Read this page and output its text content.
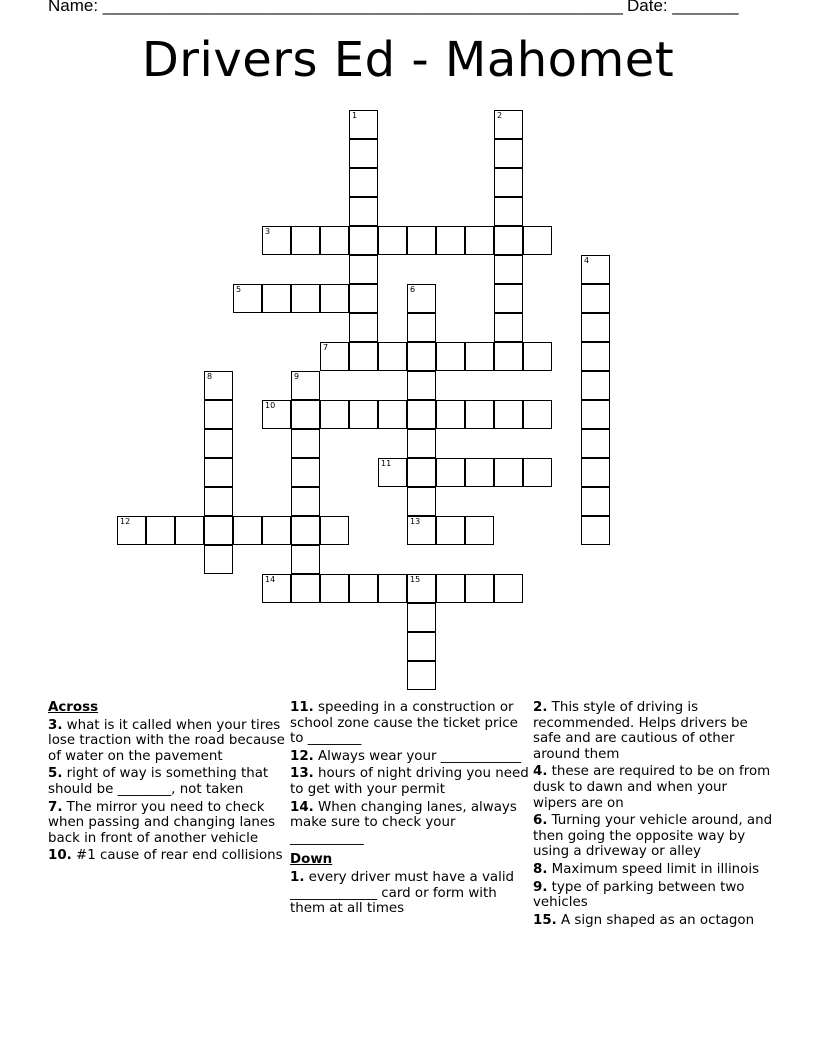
Name: _______________________________________________________ Date: _______
Drivers Ed - Mahomet
1	2
3
4
5	6
7
8	9
10
11
12	13
14	15
Across
3. what is it called when your tires lose traction with the road because of water on the pavement
5. right of way is something that should be ________, not taken
7. The mirror you need to check when passing and changing lanes back in front of another vehicle
10. #1 cause of rear end collisions
11. speeding in a construction or school zone cause the ticket price to ________
12. Always wear your ____________
13. hours of night driving you need to get with your permit
14. When changing lanes, always make sure to check your ___________
Down
1. every driver must have a valid _____________ card or form with them at all times
2. This style of driving is recommended. Helps drivers be safe and are cautious of other around them
4. these are required to be on from dusk to dawn and when your wipers are on
6. Turning your vehicle around, and then going the opposite way by using a driveway or alley
8. Maximum speed limit in illinois
9. type of parking between two vehicles
15. A sign shaped as an octagon
